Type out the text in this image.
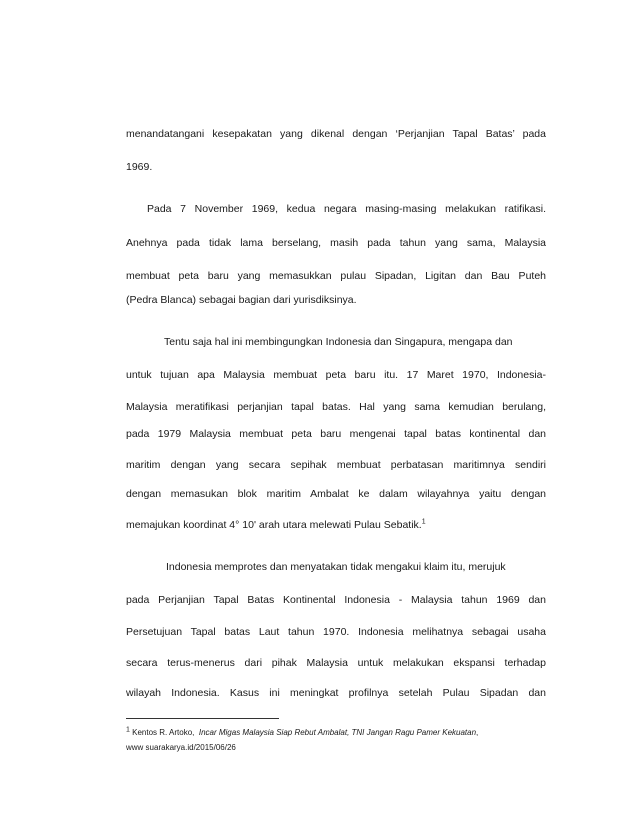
menandatangani kesepakatan yang dikenal dengan ‘Perjanjian Tapal Batas’ pada
1969.
Pada 7 November 1969, kedua negara masing-masing melakukan ratifikasi.
Anehnya pada tidak lama berselang, masih pada tahun yang sama, Malaysia
membuat peta baru yang memasukkan pulau Sipadan, Ligitan dan Bau Puteh
(Pedra Blanca) sebagai bagian dari yurisdiksinya.
Tentu saja hal ini membingungkan Indonesia dan Singapura, mengapa dan
untuk tujuan apa Malaysia membuat peta baru itu. 17 Maret 1970, Indonesia-
Malaysia meratifikasi perjanjian tapal batas. Hal yang sama kemudian berulang,
pada 1979 Malaysia membuat peta baru mengenai tapal batas kontinental dan
maritim dengan yang secara sepihak membuat perbatasan maritimnya sendiri
dengan memasukan blok maritim Ambalat ke dalam wilayahnya yaitu dengan
memajukan koordinat 4° 10' arah utara melewati Pulau Sebatik.$^1$
Indonesia memprotes dan menyatakan tidak mengakui klaim itu, merujuk
pada Perjanjian Tapal Batas Kontinental Indonesia - Malaysia tahun 1969 dan
Persetujuan Tapal batas Laut tahun 1970. Indonesia melihatnya sebagai usaha
secara terus-menerus dari pihak Malaysia untuk melakukan ekspansi terhadap
wilayah Indonesia. Kasus ini meningkat profilnya setelah Pulau Sipadan dan
1 Kentos R. Artoko, Incar Migas Malaysia Siap Rebut Ambalat, TNI Jangan Ragu Pamer Kekuatan,
www suarakarya.id/2015/06/26
